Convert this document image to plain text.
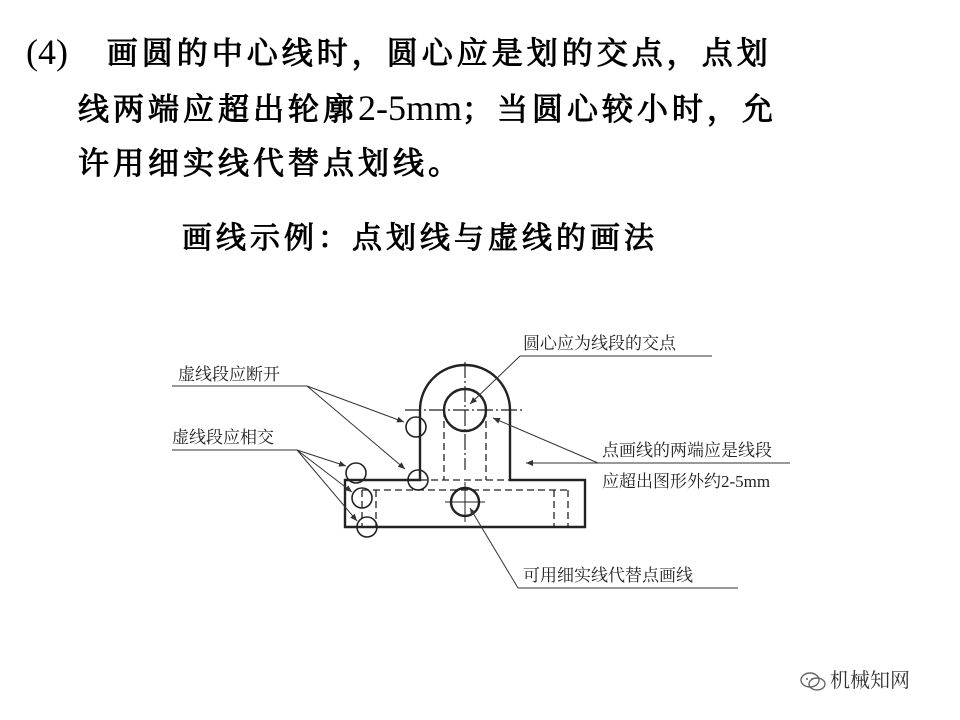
(4) 画圆的中心线时，圆心应是划的交点，点划
线两端应超出轮廓2-5mm；当圆心较小时，允
许用细实线代替点划线。
画线示例：点划线与虚线的画法
虚线段应断开
虚线段应相交
圆心应为线段的交点
点画线的两端应是线段
应超出图形外约2-5mm
可用细实线代替点画线
机械知网
